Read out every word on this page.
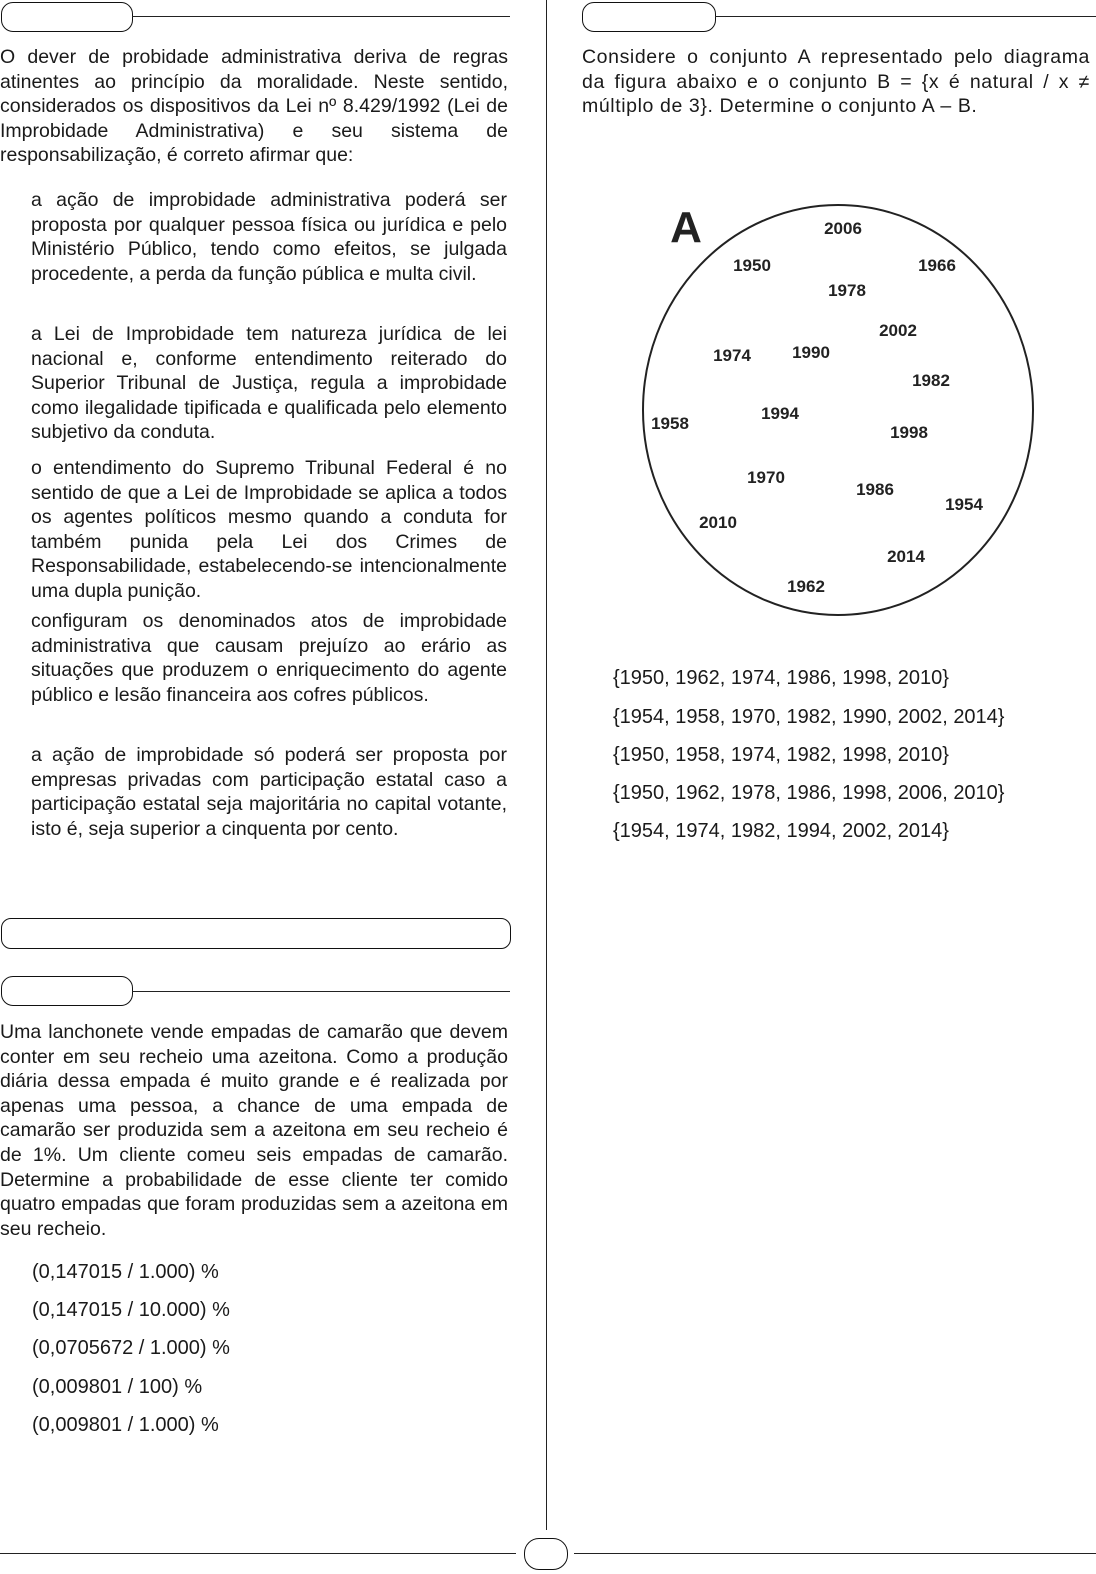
O dever de probidade administrativa deriva de regras atinentes ao princípio da moralidade. Neste sentido, considerados os dispositivos da Lei nº 8.429/1992 (Lei de Improbidade Administrativa) e seu sistema de responsabilização, é correto afirmar que:
a ação de improbidade administrativa poderá ser proposta por qualquer pessoa física ou jurídica e pelo Ministério Público, tendo como efeitos, se julgada procedente, a perda da função pública e multa civil.
a Lei de Improbidade tem natureza jurídica de lei nacional e, conforme entendimento reiterado do Superior Tribunal de Justiça, regula a improbidade como ilegalidade tipificada e qualificada pelo elemento subjetivo da conduta.
o entendimento do Supremo Tribunal Federal é no sentido de que a Lei de Improbidade se aplica a todos os agentes políticos mesmo quando a conduta for também punida pela Lei dos Crimes de Responsabilidade, estabelecendo-se intencionalmente uma dupla punição.
configuram os denominados atos de improbidade administrativa que causam prejuízo ao erário as situações que produzem o enriquecimento do agente público e lesão financeira aos cofres públicos.
a ação de improbidade só poderá ser proposta por empresas privadas com participação estatal caso a participação estatal seja majoritária no capital votante, isto é, seja superior a cinquenta por cento.
Uma lanchonete vende empadas de camarão que devem conter em seu recheio uma azeitona. Como a produção diária dessa empada é muito grande e é realizada por apenas uma pessoa, a chance de uma empada de camarão ser produzida sem a azeitona em seu recheio é de 1%. Um cliente comeu seis empadas de camarão. Determine a probabilidade de esse cliente ter comido quatro empadas que foram produzidas sem a azeitona em seu recheio.
(0,147015 / 1.000) %
(0,147015 / 10.000) %
(0,0705672 / 1.000) %
(0,009801 / 100) %
(0,009801 / 1.000) %
Considere o conjunto A representado pelo diagrama da figura abaixo e o conjunto B = {x é natural / x ≠ múltiplo de 3}. Determine o conjunto A – B.
A	2006
1950	1966
1978
2002
1974 1990
1982
1958
1994
1998
1970
1986
1954
2010
2014
1962
{1950, 1962, 1974, 1986, 1998, 2010}
{1954, 1958, 1970, 1982, 1990, 2002, 2014}
{1950, 1958, 1974, 1982, 1998, 2010}
{1950, 1962, 1978, 1986, 1998, 2006, 2010}
{1954, 1974, 1982, 1994, 2002, 2014}
